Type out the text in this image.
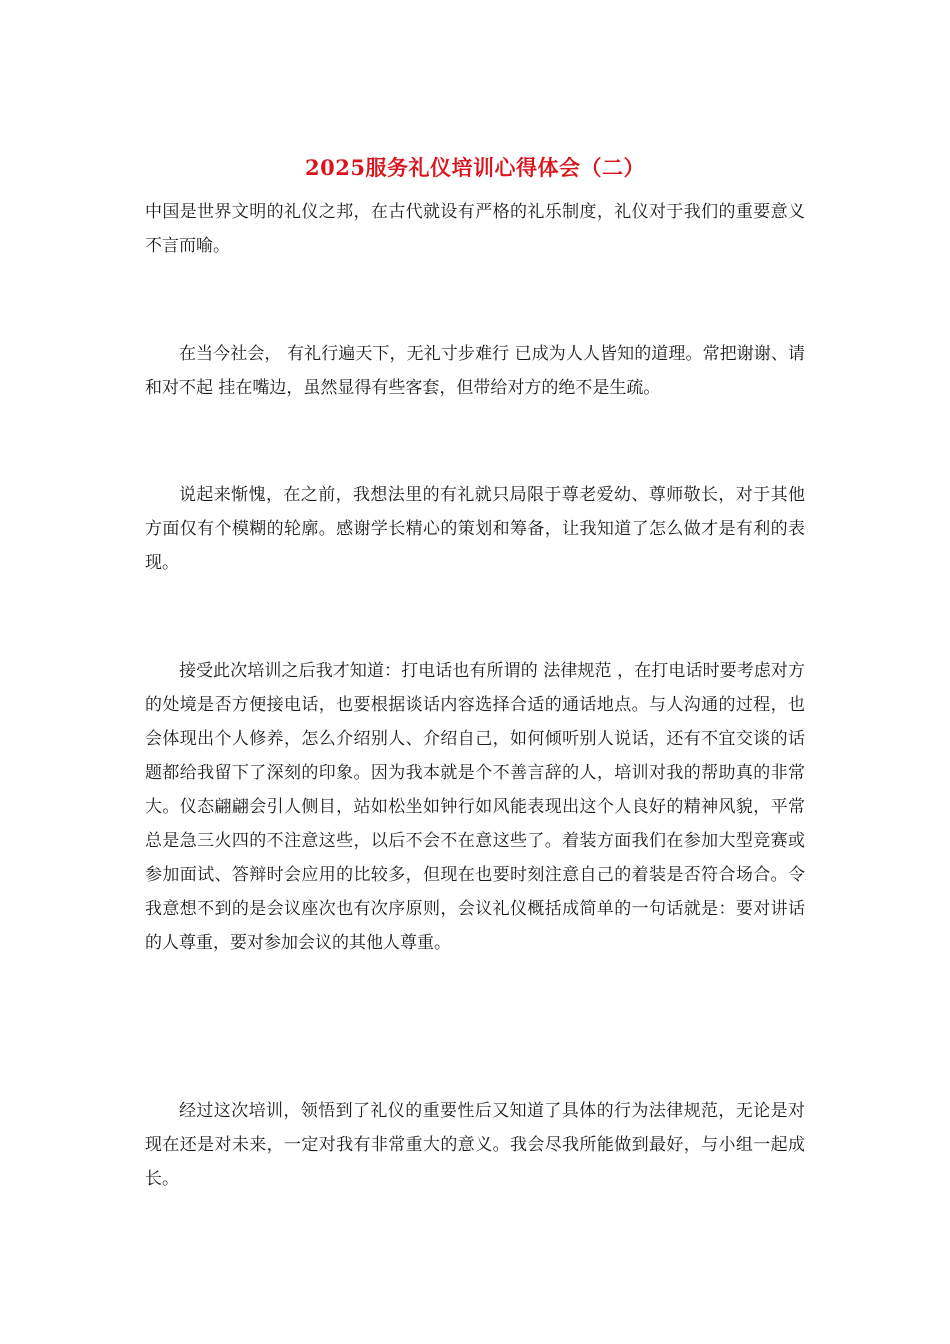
2025服务礼仪培训心得体会（二）

中国是世界文明的礼仪之邦，在古代就设有严格的礼乐制度，礼仪对于我们的重要意义不言而喻。

在当今社会， 有礼行遍天下，无礼寸步难行 已成为人人皆知的道理。常把谢谢、请和对不起 挂在嘴边，虽然显得有些客套，但带给对方的绝不是生疏。

说起来惭愧，在之前，我想法里的有礼就只局限于尊老爱幼、尊师敬长，对于其他方面仅有个模糊的轮廓。感谢学长精心的策划和筹备，让我知道了怎么做才是有利的表现。

接受此次培训之后我才知道：打电话也有所谓的 法律规范 ，在打电话时要考虑对方的处境是否方便接电话，也要根据谈话内容选择合适的通话地点。与人沟通的过程，也会体现出个人修养，怎么介绍别人、介绍自己，如何倾听别人说话，还有不宜交谈的话题都给我留下了深刻的印象。因为我本就是个不善言辞的人，培训对我的帮助真的非常大。仪态翩翩会引人侧目，站如松坐如钟行如风能表现出这个人良好的精神风貌，平常总是急三火四的不注意这些，以后不会不在意这些了。着装方面我们在参加大型竞赛或参加面试、答辩时会应用的比较多，但现在也要时刻注意自己的着装是否符合场合。令我意想不到的是会议座次也有次序原则，会议礼仪概括成简单的一句话就是：要对讲话的人尊重，要对参加会议的其他人尊重。

经过这次培训，领悟到了礼仪的重要性后又知道了具体的行为法律规范，无论是对现在还是对未来，一定对我有非常重大的意义。我会尽我所能做到最好，与小组一起成长。
